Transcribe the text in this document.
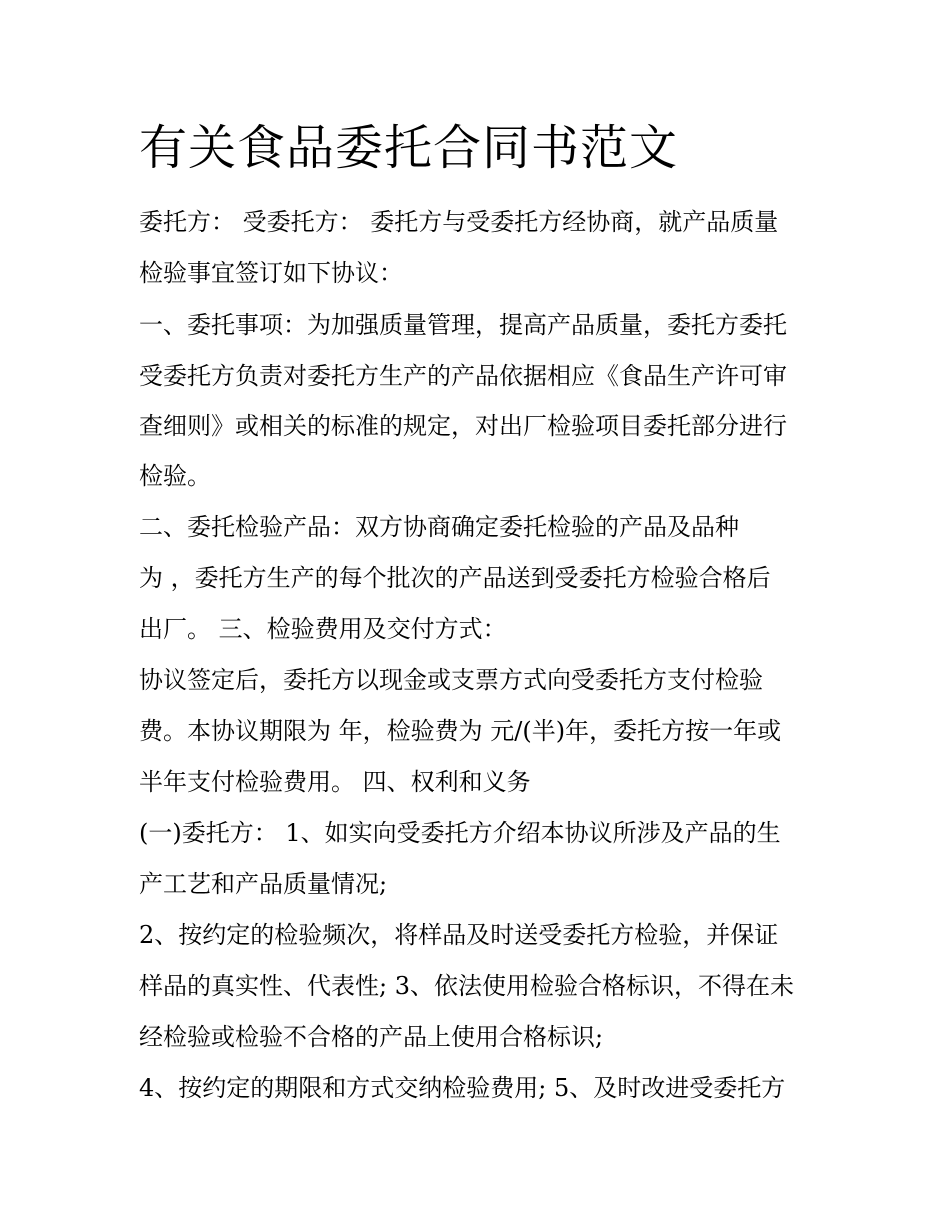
有关食品委托合同书范文

委托方： 受委托方： 委托方与受委托方经协商，就产品质量

检验事宜签订如下协议：

一、委托事项：为加强质量管理，提高产品质量，委托方委托

受委托方负责对委托方生产的产品依据相应《食品生产许可审

查细则》或相关的标准的规定，对出厂检验项目委托部分进行

检验。

二、委托检验产品：双方协商确定委托检验的产品及品种

为 ，委托方生产的每个批次的产品送到受委托方检验合格后

出厂。 三、检验费用及交付方式：

协议签定后，委托方以现金或支票方式向受委托方支付检验

费。本协议期限为 年，检验费为 元/(半)年，委托方按一年或

半年支付检验费用。 四、权利和义务

(一)委托方： 1、如实向受委托方介绍本协议所涉及产品的生

产工艺和产品质量情况;

2、按约定的检验频次，将样品及时送受委托方检验，并保证

样品的真实性、代表性; 3、依法使用检验合格标识，不得在未

经检验或检验不合格的产品上使用合格标识;

4、按约定的期限和方式交纳检验费用; 5、及时改进受委托方
